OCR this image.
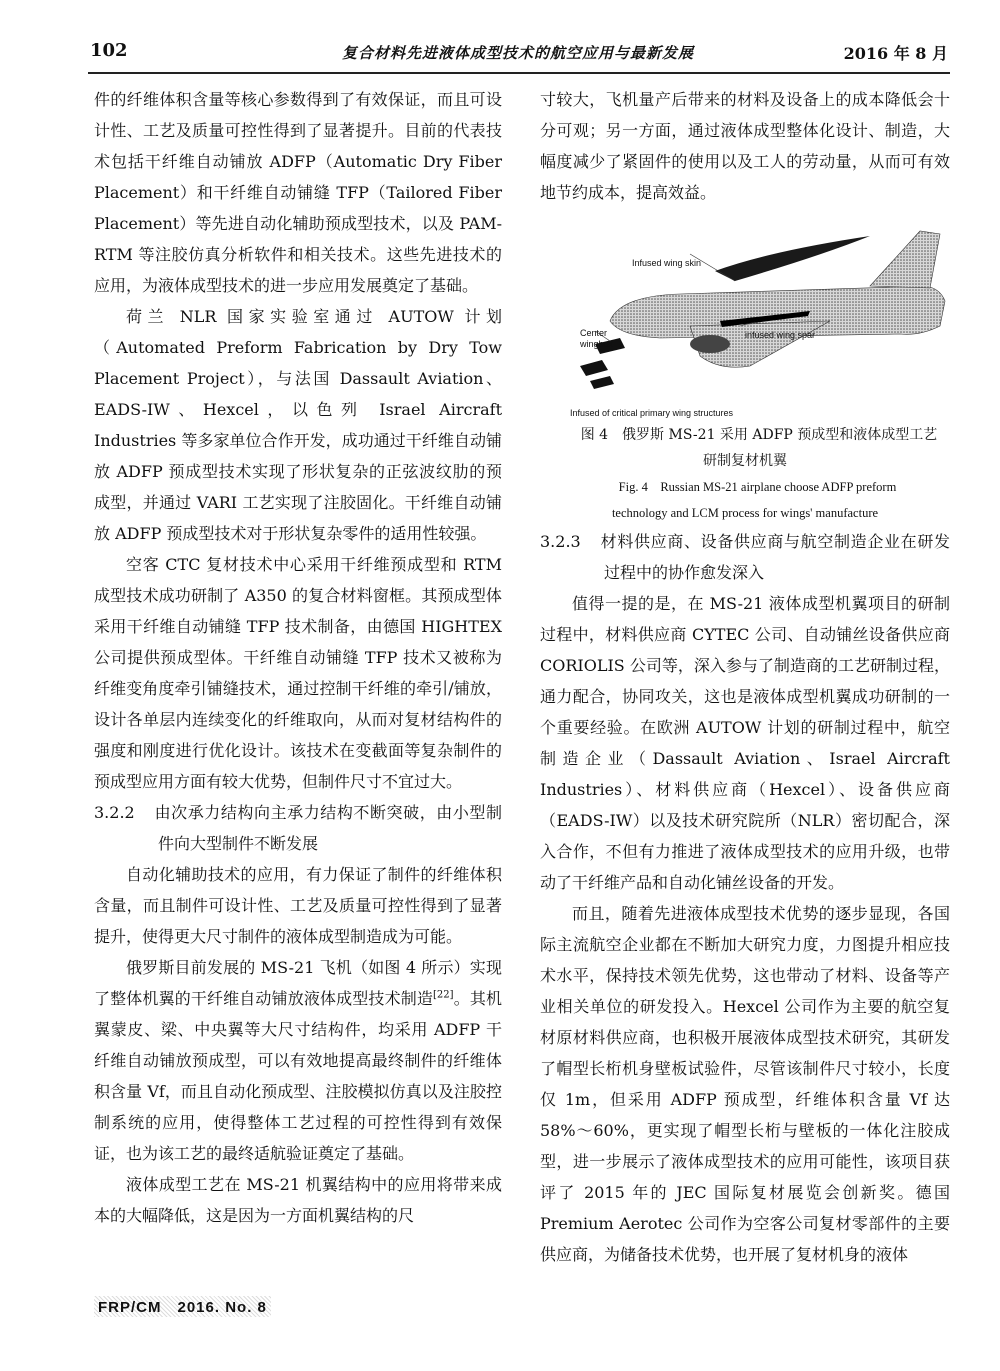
102	复合材料先进液体成型技术的航空应用与最新发展	2016 年 8 月

件的纤维体积含量等核心参数得到了有效保证，而且可设计性、工艺及质量可控性得到了显著提升。目前的代表技术包括干纤维自动铺放 ADFP（Automatic Dry Fiber Placement）和干纤维自动铺缝 TFP（Tailored Fiber Placement）等先进自动化辅助预成型技术，以及 PAM-RTM 等注胶仿真分析软件和相关技术。这些先进技术的应用，为液体成型技术的进一步应用发展奠定了基础。

荷兰 NLR 国家实验室通过 AUTOW 计划（Automated Preform Fabrication by Dry Tow Placement Project），与法国 Dassault Aviation、EADS-IW、Hexcel，以色列 Israel Aircraft Industries 等多家单位合作开发，成功通过干纤维自动铺放 ADFP 预成型技术实现了形状复杂的正弦波纹肋的预成型，并通过 VARI 工艺实现了注胶固化。干纤维自动铺放 ADFP 预成型技术对于形状复杂零件的适用性较强。

空客 CTC 复材技术中心采用干纤维预成型和 RTM 成型技术成功研制了 A350 的复合材料窗框。其预成型体采用干纤维自动铺缝 TFP 技术制备，由德国 HIGHTEX 公司提供预成型体。干纤维自动铺缝 TFP 技术又被称为纤维变角度牵引铺缝技术，通过控制干纤维的牵引/铺放，设计各单层内连续变化的纤维取向，从而对复材结构件的强度和刚度进行优化设计。该技术在变截面等复杂制件的预成型应用方面有较大优势，但制件尺寸不宜过大。

3.2.2 由次承力结构向主承力结构不断突破，由小型制件向大型制件不断发展

自动化辅助技术的应用，有力保证了制件的纤维体积含量，而且制件可设计性、工艺及质量可控性得到了显著提升，使得更大尺寸制件的液体成型制造成为可能。

俄罗斯目前发展的 MS-21 飞机（如图 4 所示）实现了整体机翼的干纤维自动铺放液体成型技术制造[22]。其机翼蒙皮、梁、中央翼等大尺寸结构件，均采用 ADFP 干纤维自动铺放预成型，可以有效地提高最终制件的纤维体积含量 Vf，而且自动化预成型、注胶模拟仿真以及注胶控制系统的应用，使得整体工艺过程的可控性得到有效保证，也为该工艺的最终适航验证奠定了基础。

液体成型工艺在 MS-21 机翼结构中的应用将带来成本的大幅降低，这是因为一方面机翼结构的尺

寸较大，飞机量产后带来的材料及设备上的成本降低会十分可观；另一方面，通过液体成型整体化设计、制造，大幅度减少了紧固件的使用以及工人的劳动量，从而可有效地节约成本，提高效益。

Infused wing skin
Center
wingbox
infused wing spar
Infused of critical primary wing structures

图 4　俄罗斯 MS-21 采用 ADFP 预成型和液体成型工艺
研制复材机翼

Fig. 4　Russian MS-21 airplane choose ADFP preform
technology and LCM process for wings' manufacture

3.2.3 材料供应商、设备供应商与航空制造企业在研发过程中的协作愈发深入

值得一提的是，在 MS-21 液体成型机翼项目的研制过程中，材料供应商 CYTEC 公司、自动铺丝设备供应商 CORIOLIS 公司等，深入参与了制造商的工艺研制过程，通力配合，协同攻关，这也是液体成型机翼成功研制的一个重要经验。在欧洲 AUTOW 计划的研制过程中，航空制造企业（Dassault Aviation、Israel Aircraft Industries）、材料供应商（Hexcel）、设备供应商（EADS-IW）以及技术研究院所（NLR）密切配合，深入合作，不但有力推进了液体成型技术的应用升级，也带动了干纤维产品和自动化铺丝设备的开发。

而且，随着先进液体成型技术优势的逐步显现，各国际主流航空企业都在不断加大研究力度，力图提升相应技术水平，保持技术领先优势，这也带动了材料、设备等产业相关单位的研发投入。Hexcel 公司作为主要的航空复材原材料供应商，也积极开展液体成型技术研究，其研发了帽型长桁机身壁板试验件，尽管该制件尺寸较小，长度仅 1m，但采用 ADFP 预成型，纤维体积含量 Vf 达 58%～60%，更实现了帽型长桁与壁板的一体化注胶成型，进一步展示了液体成型技术的应用可能性，该项目获评了 2015 年的 JEC 国际复材展览会创新奖。德国 Premium Aerotec 公司作为空客公司复材零部件的主要供应商，为储备技术优势，也开展了复材机身的液体

FRP/CM　2016. No. 8
